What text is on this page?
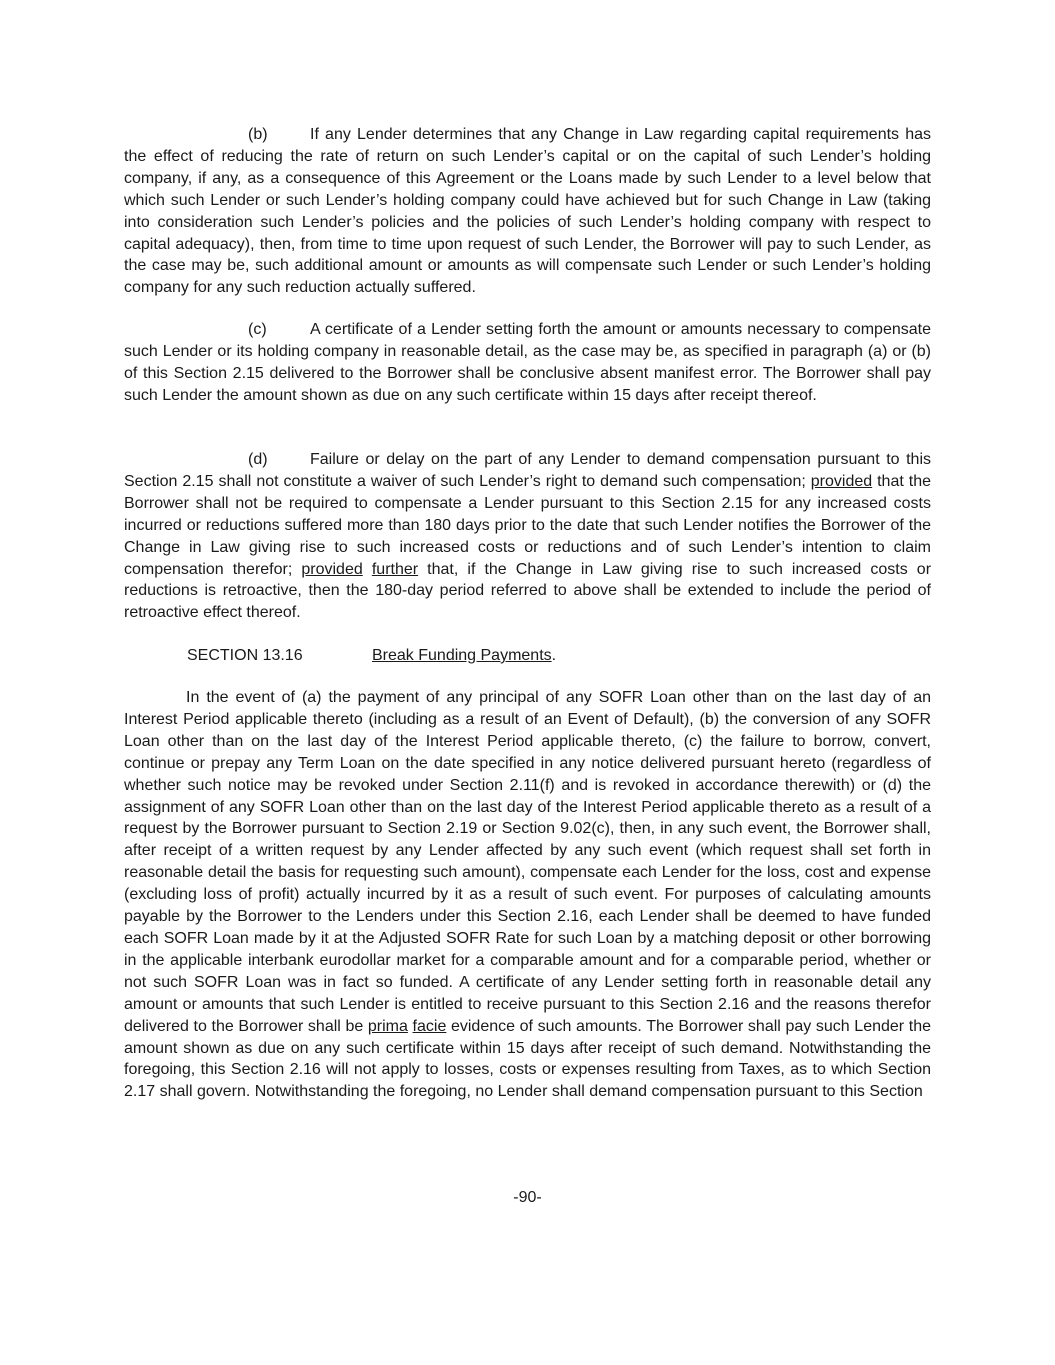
(b)	If any Lender determines that any Change in Law regarding capital requirements has the effect of reducing the rate of return on such Lender’s capital or on the capital of such Lender’s holding company, if any, as a consequence of this Agreement or the Loans made by such Lender to a level below that which such Lender or such Lender’s holding company could have achieved but for such Change in Law (taking into consideration such Lender’s policies and the policies of such Lender’s holding company with respect to capital adequacy), then, from time to time upon request of such Lender, the Borrower will pay to such Lender, as the case may be, such additional amount or amounts as will compensate such Lender or such Lender’s holding company for any such reduction actually suffered.

(c)	A certificate of a Lender setting forth the amount or amounts necessary to compensate such Lender or its holding company in reasonable detail, as the case may be, as specified in paragraph (a) or (b) of this Section 2.15 delivered to the Borrower shall be conclusive absent manifest error. The Borrower shall pay such Lender the amount shown as due on any such certificate within 15 days after receipt thereof.

(d)	Failure or delay on the part of any Lender to demand compensation pursuant to this Section 2.15 shall not constitute a waiver of such Lender’s right to demand such compensation; provided that the Borrower shall not be required to compensate a Lender pursuant to this Section 2.15 for any increased costs incurred or reductions suffered more than 180 days prior to the date that such Lender notifies the Borrower of the Change in Law giving rise to such increased costs or reductions and of such Lender’s intention to claim compensation therefor; provided further that, if the Change in Law giving rise to such increased costs or reductions is retroactive, then the 180-day period referred to above shall be extended to include the period of retroactive effect thereof.

SECTION 13.16	Break Funding Payments.

In the event of (a) the payment of any principal of any SOFR Loan other than on the last day of an Interest Period applicable thereto (including as a result of an Event of Default), (b) the conversion of any SOFR Loan other than on the last day of the Interest Period applicable thereto, (c) the failure to borrow, convert, continue or prepay any Term Loan on the date specified in any notice delivered pursuant hereto (regardless of whether such notice may be revoked under Section 2.11(f) and is revoked in accordance therewith) or (d) the assignment of any SOFR Loan other than on the last day of the Interest Period applicable thereto as a result of a request by the Borrower pursuant to Section 2.19 or Section 9.02(c), then, in any such event, the Borrower shall, after receipt of a written request by any Lender affected by any such event (which request shall set forth in reasonable detail the basis for requesting such amount), compensate each Lender for the loss, cost and expense (excluding loss of profit) actually incurred by it as a result of such event. For purposes of calculating amounts payable by the Borrower to the Lenders under this Section 2.16, each Lender shall be deemed to have funded each SOFR Loan made by it at the Adjusted SOFR Rate for such Loan by a matching deposit or other borrowing in the applicable interbank eurodollar market for a comparable amount and for a comparable period, whether or not such SOFR Loan was in fact so funded. A certificate of any Lender setting forth in reasonable detail any amount or amounts that such Lender is entitled to receive pursuant to this Section 2.16 and the reasons therefor delivered to the Borrower shall be prima facie evidence of such amounts. The Borrower shall pay such Lender the amount shown as due on any such certificate within 15 days after receipt of such demand. Notwithstanding the foregoing, this Section 2.16 will not apply to losses, costs or expenses resulting from Taxes, as to which Section 2.17 shall govern. Notwithstanding the foregoing, no Lender shall demand compensation pursuant to this Section

-90-
